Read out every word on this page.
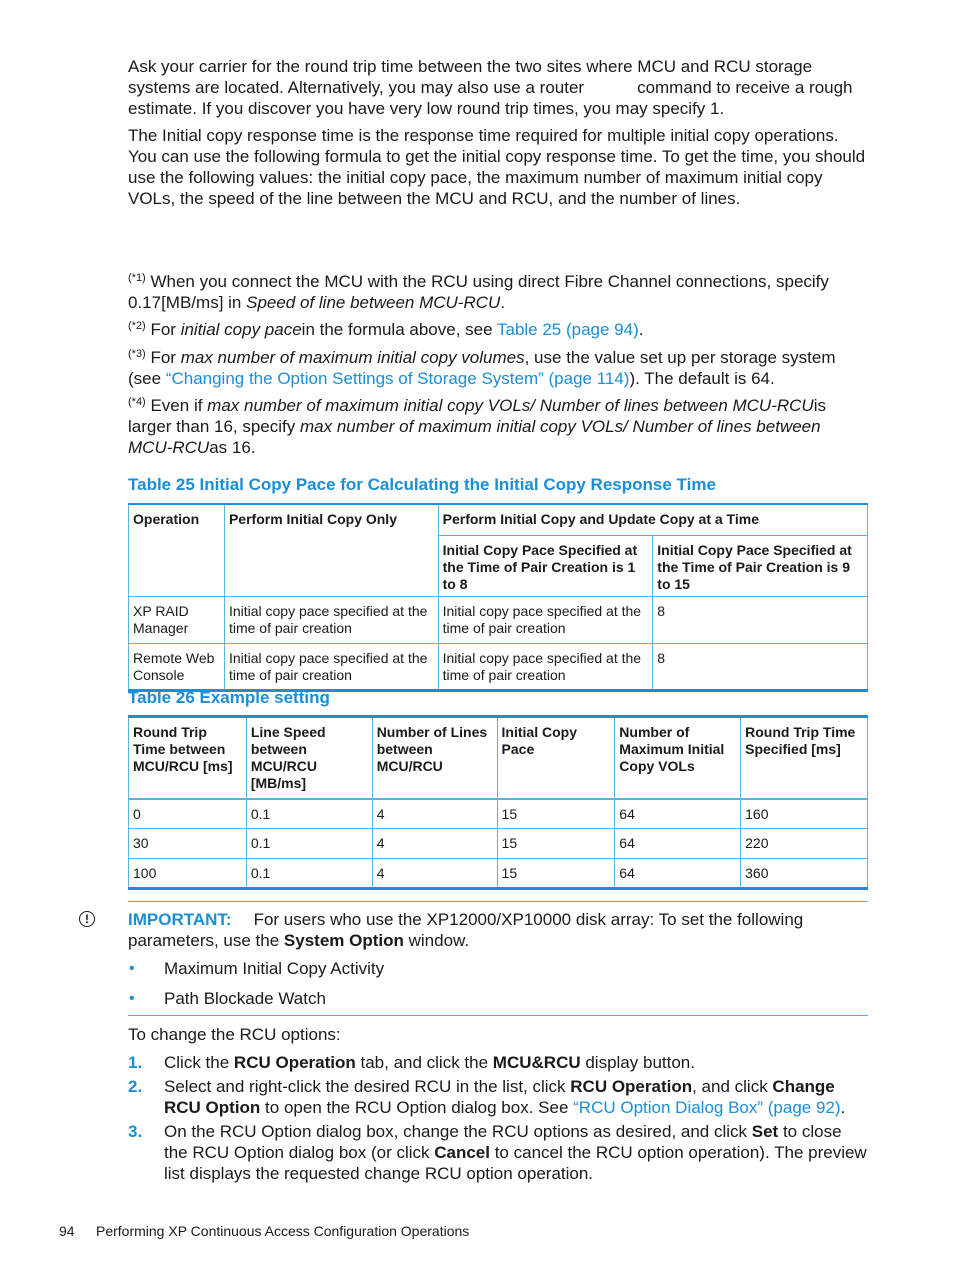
Ask your carrier for the round trip time between the two sites where MCU and RCU storage systems are located. Alternatively, you may also use a router	command to receive a rough estimate. If you discover you have very low round trip times, you may specify 1.

The Initial copy response time is the response time required for multiple initial copy operations. You can use the following formula to get the initial copy response time. To get the time, you should use the following values: the initial copy pace, the maximum number of maximum initial copy VOLs, the speed of the line between the MCU and RCU, and the number of lines.

$^{(*1)}$ When you connect the MCU with the RCU using direct Fibre Channel connections, specify 0.17[MB/ms] in Speed of line between MCU-RCU.

$^{(*2)}$ For initial copy pacein the formula above, see Table 25 (page 94).

$^{(*3)}$ For max number of maximum initial copy volumes, use the value set up per storage system (see “Changing the Option Settings of Storage System” (page 114)). The default is 64.

$^{(*4)}$ Even if max number of maximum initial copy VOLs/ Number of lines between MCU-RCUis larger than 16, specify max number of maximum initial copy VOLs/ Number of lines between MCU-RCUas 16.

Table 25 Initial Copy Pace for Calculating the Initial Copy Response Time
Operation	Perform Initial Copy Only	Perform Initial Copy and Update Copy at a Time	
		Initial Copy Pace Specified at the Time of Pair Creation is 1 to 8	Initial Copy Pace Specified at the Time of Pair Creation is 9 to 15
XP RAID Manager	Initial copy pace specified at the time of pair creation	Initial copy pace specified at the time of pair creation	8
Remote Web Console	Initial copy pace specified at the time of pair creation	Initial copy pace specified at the time of pair creation	8
Table 26 Example setting
Round Trip Time between MCU/RCU [ms]	Line Speed between MCU/RCU [MB/ms]	Number of Lines between MCU/RCU	Initial Copy Pace	Number of Maximum Initial Copy VOLs	Round Trip Time Specified [ms]
0	0.1	4	15	64	160
30	0.1	4	15	64	220
100	0.1	4	15	64	360
!	IMPORTANT: For users who use the XP12000/XP10000 disk array: To set the following parameters, use the System Option window.

• Maximum Initial Copy Activity
• Path Blockade Watch

To change the RCU options:

1. Click the RCU Operation tab, and click the MCU&RCU display button.
2. Select and right-click the desired RCU in the list, click RCU Operation, and click Change RCU Option to open the RCU Option dialog box. See “RCU Option Dialog Box” (page 92).
3. On the RCU Option dialog box, change the RCU options as desired, and click Set to close the RCU Option dialog box (or click Cancel to cancel the RCU option operation). The preview list displays the requested change RCU option operation.
94 Performing XP Continuous Access Configuration Operations
